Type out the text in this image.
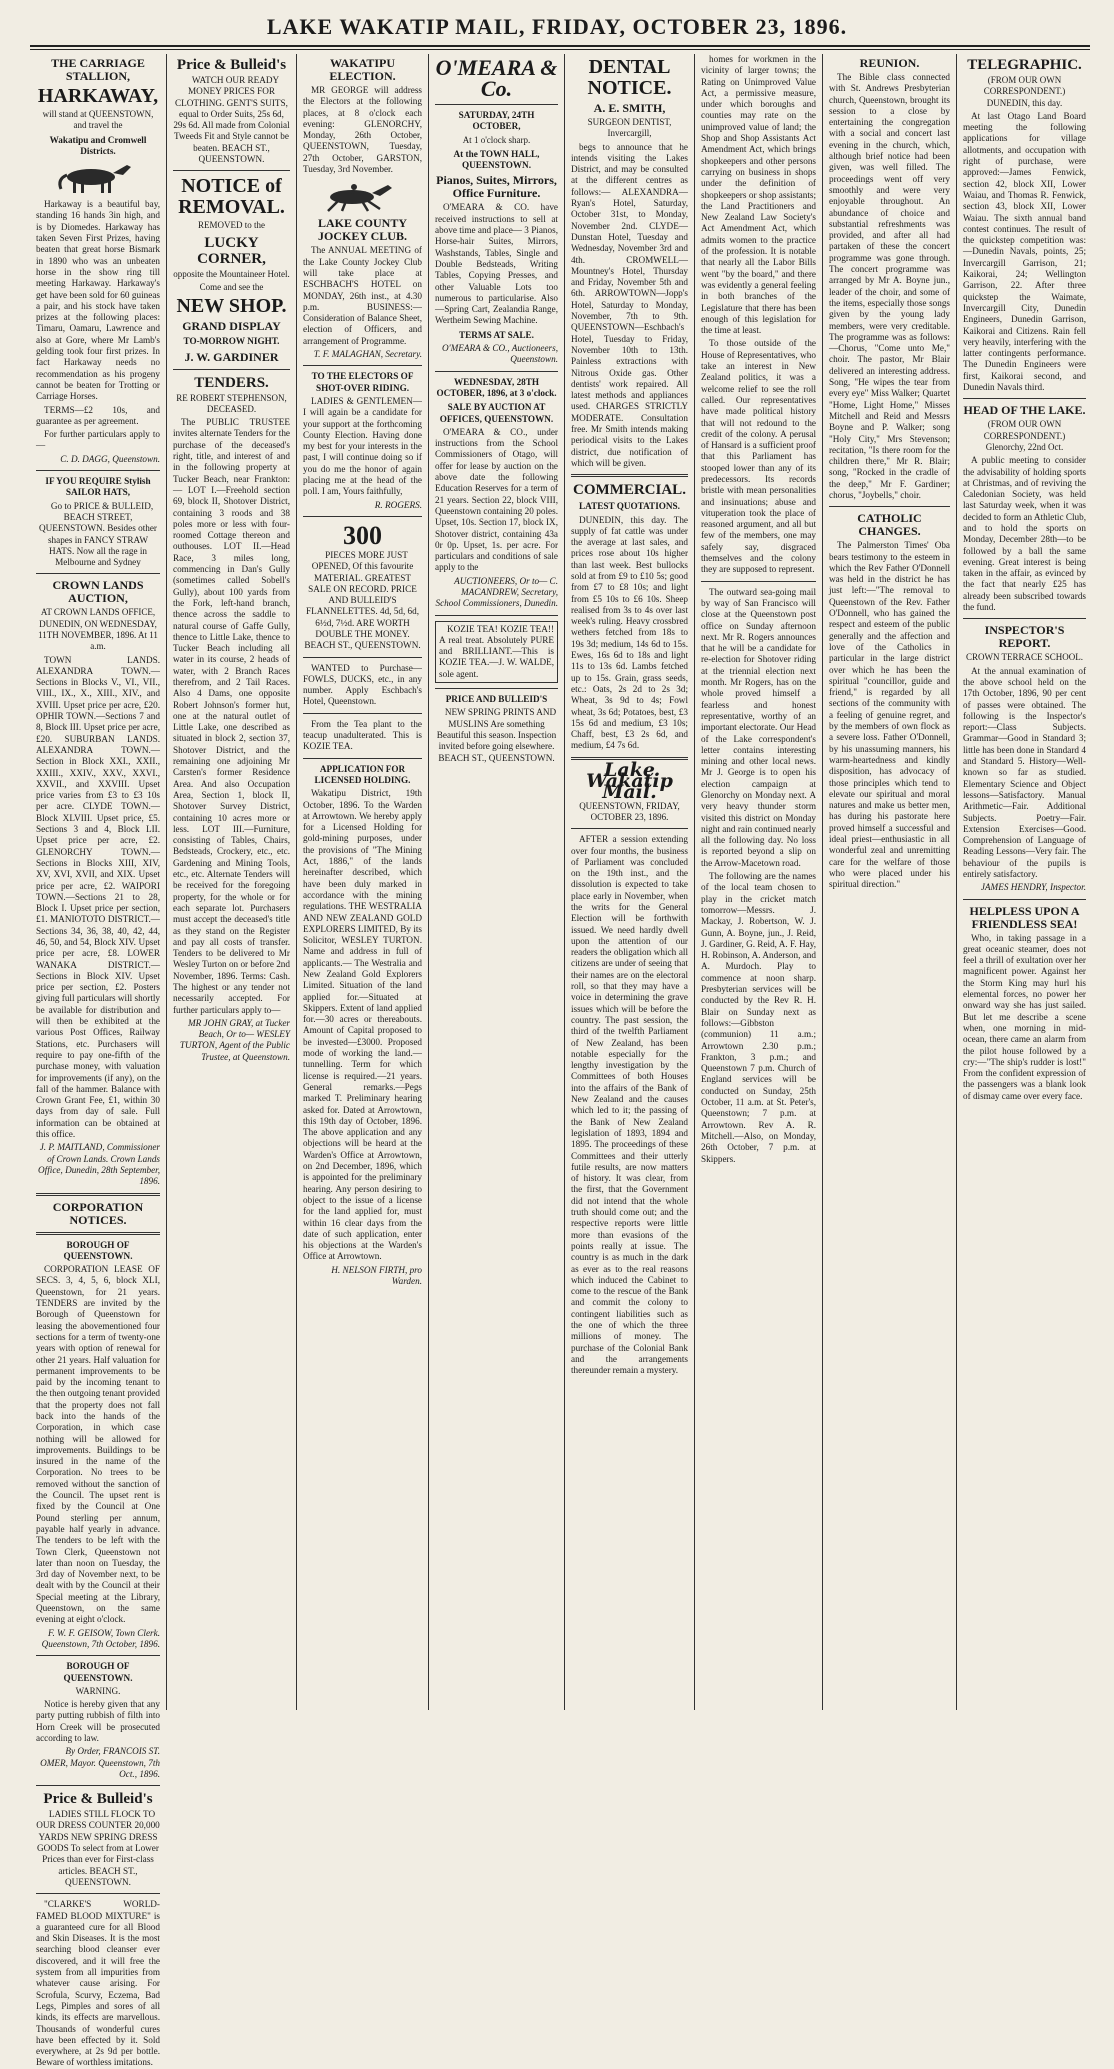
LAKE WAKATIP MAIL, FRIDAY, OCTOBER 23, 1896.
THE CARRIAGE STALLION,
HARKAWAY,
will stand at QUEENSTOWN, and travel the
Wakatipu and Cromwell Districts.

Harkaway is a beautiful bay, standing 16 hands 3in high, and is by Diomedes. Harkaway has taken Seven First Prizes, having beaten that great horse Bismark in 1890 who was an unbeaten horse in the show ring till meeting Harkaway. Harkaway's get have been sold for 60 guineas a pair, and his stock have taken prizes at the following places: Timaru, Oamaru, Lawrence and also at Gore, where Mr Lamb's gelding took four first prizes. In fact Harkaway needs no recommendation as his progeny cannot be beaten for Trotting or Carriage Horses.

TERMS—£2 10s, and guarantee as per agreement.

For further particulars apply to—

C. D. DAGG, Queenstown.
IF YOU REQUIRE Stylish SAILOR HATS,

Go to PRICE & BULLEID, BEACH STREET, QUEENSTOWN. Besides other shapes in FANCY STRAW HATS. Now all the rage in Melbourne and Sydney

CROWN LANDS AUCTION,
AT CROWN LANDS OFFICE, DUNEDIN, ON WEDNESDAY, 11TH NOVEMBER, 1896. At 11 a.m.

TOWN LANDS. ALEXANDRA TOWN.—Sections in Blocks V., VI., VII., VIII., IX., X., XIII., XIV., and XVIII. Upset price per acre, £20. OPHIR TOWN.—Sections 7 and 8, Block III. Upset price per acre, £20. SUBURBAN LANDS. ALEXANDRA TOWN.—Section in Block XXI., XXII., XXIII., XXIV., XXV., XXVI., XXVII., and XXVIII. Upset price varies from £3 to £3 10s per acre. CLYDE TOWN.—Block XLVIII. Upset price, £5. Sections 3 and 4, Block LII. Upset price per acre, £2. GLENORCHY TOWN.—Sections in Blocks XIII, XIV, XV, XVI, XVII, and XIX. Upset price per acre, £2. WAIPORI TOWN.—Sections 21 to 28, Block I. Upset price per section, £1. MANIOTOTO DISTRICT.—Sections 34, 36, 38, 40, 42, 44, 46, 50, and 54, Block XIV. Upset price per acre, £8. LOWER WANAKA DISTRICT.—Sections in Block XIV. Upset price per section, £2. Posters giving full particulars will shortly be available for distribution and will then be exhibited at the various Post Offices, Railway Stations, etc. Purchasers will require to pay one-fifth of the purchase money, with valuation for improvements (if any), on the fall of the hammer. Balance with Crown Grant Fee, £1, within 30 days from day of sale. Full information can be obtained at this office.

J. P. MAITLAND, Commissioner of Crown Lands. Crown Lands Office, Dunedin, 28th September, 1896.
CORPORATION NOTICES.
BOROUGH OF QUEENSTOWN.

CORPORATION LEASE OF SECS. 3, 4, 5, 6, block XLI, Queenstown, for 21 years. TENDERS are invited by the Borough of Queenstown for leasing the abovementioned four sections for a term of twenty-one years with option of renewal for other 21 years. Half valuation for permanent improvements to be paid by the incoming tenant to the then outgoing tenant provided that the property does not fall back into the hands of the Corporation, in which case nothing will be allowed for improvements. Buildings to be insured in the name of the Corporation. No trees to be removed without the sanction of the Council. The upset rent is fixed by the Council at One Pound sterling per annum, payable half yearly in advance. The tenders to be left with the Town Clerk, Queenstown not later than noon on Tuesday, the 3rd day of November next, to be dealt with by the Council at their Special meeting at the Library, Queenstown, on the same evening at eight o'clock.

F. W. F. GEISOW, Town Clerk. Queenstown, 7th October, 1896.
BOROUGH OF QUEENSTOWN.
WARNING.

Notice is hereby given that any party putting rubbish of filth into Horn Creek will be prosecuted according to law.

By Order, FRANCOIS ST. OMER, Mayor. Queenstown, 7th Oct., 1896.
Price & Bulleid's

LADIES STILL FLOCK TO OUR DRESS COUNTER 20,000 YARDS NEW SPRING DRESS GOODS To select from at Lower Prices than ever for First-class articles. BEACH ST., QUEENSTOWN.

"CLARKE'S WORLD-FAMED BLOOD MIXTURE" is a guaranteed cure for all Blood and Skin Diseases. It is the most searching blood cleanser ever discovered, and it will free the system from all impurities from whatever cause arising. For Scrofula, Scurvy, Eczema, Bad Legs, Pimples and sores of all kinds, its effects are marvellous. Thousands of wonderful cures have been effected by it. Sold everywhere, at 2s 9d per bottle. Beware of worthless imitations.

Price & Bulleid's

WATCH OUR READY MONEY PRICES FOR CLOTHING. GENT'S SUITS, equal to Order Suits, 25s 6d, 29s 6d. All made from Colonial Tweeds Fit and Style cannot be beaten. BEACH ST., QUEENSTOWN.

NOTICE of REMOVAL.
REMOVED to the
LUCKY CORNER,
opposite the Mountaineer Hotel.
Come and see the
NEW SHOP.
GRAND DISPLAY
TO-MORROW NIGHT.
J. W. GARDINER
TENDERS.
RE ROBERT STEPHENSON, DECEASED.

The PUBLIC TRUSTEE invites alternate Tenders for the purchase of the deceased's right, title, and interest of and in the following property at Tucker Beach, near Frankton:— LOT I.—Freehold section 69, block II, Shotover District, containing 3 roods and 38 poles more or less with four-roomed Cottage thereon and outhouses. LOT II.—Head Race, 3 miles long, commencing in Dan's Gully (sometimes called Sobell's Gully), about 100 yards from the Fork, left-hand branch, thence across the saddle to natural course of Gaffe Gully, thence to Little Lake, thence to Tucker Beach including all water in its course, 2 heads of water, with 2 Branch Races therefrom, and 2 Tail Races. Also 4 Dams, one opposite Robert Johnson's former hut, one at the natural outlet of Little Lake, one described as situated in block 2, section 37, Shotover District, and the remaining one adjoining Mr Carsten's former Residence Area. And also Occupation Area, Section 1, block II, Shotover Survey District, containing 10 acres more or less. LOT III.—Furniture, consisting of Tables, Chairs, Bedsteads, Crockery, etc., etc. Gardening and Mining Tools, etc., etc. Alternate Tenders will be received for the foregoing property, for the whole or for each separate lot. Purchasers must accept the deceased's title as they stand on the Register and pay all costs of transfer. Tenders to be delivered to Mr Wesley Turton on or before 2nd November, 1896. Terms: Cash. The highest or any tender not necessarily accepted. For further particulars apply to—

MR JOHN GRAY, at Tucker Beach, Or to— WESLEY TURTON, Agent of the Public Trustee, at Queenstown.
WAKATIPU ELECTION.

MR GEORGE will address the Electors at the following places, at 8 o'clock each evening: GLENORCHY, Monday, 26th October, QUEENSTOWN, Tuesday, 27th October, GARSTON, Tuesday, 3rd November.

LAKE COUNTY JOCKEY CLUB.

The ANNUAL MEETING of the Lake County Jockey Club will take place at ESCHBACH'S HOTEL on MONDAY, 26th inst., at 4.30 p.m. BUSINESS:—Consideration of Balance Sheet, election of Officers, and arrangement of Programme.

T. F. MALAGHAN, Secretary.
TO THE ELECTORS OF SHOT-OVER RIDING.

LADIES & GENTLEMEN— I will again be a candidate for your support at the forthcoming County Election. Having done my best for your interests in the past, I will continue doing so if you do me the honor of again placing me at the head of the poll. I am, Yours faithfully,

R. ROGERS.
300

PIECES MORE JUST OPENED, Of this favourite MATERIAL. GREATEST SALE ON RECORD. PRICE AND BULLEID'S FLANNELETTES. 4d, 5d, 6d, 6½d, 7½d. ARE WORTH DOUBLE THE MONEY. BEACH ST., QUEENSTOWN.

WANTED to Purchase—FOWLS, DUCKS, etc., in any number. Apply Eschbach's Hotel, Queenstown.

From the Tea plant to the teacup unadulterated. This is KOZIE TEA.

APPLICATION FOR LICENSED HOLDING.

Wakatipu District, 19th October, 1896. To the Warden at Arrowtown. We hereby apply for a Licensed Holding for gold-mining purposes, under the provisions of "The Mining Act, 1886," of the lands hereinafter described, which have been duly marked in accordance with the mining regulations. THE WESTRALIA AND NEW ZEALAND GOLD EXPLORERS LIMITED, By its Solicitor, WESLEY TURTON. Name and address in full of applicants.— The Westralia and New Zealand Gold Explorers Limited. Situation of the land applied for.—Situated at Skippers. Extent of land applied for.—30 acres or thereabouts. Amount of Capital proposed to be invested—£3000. Proposed mode of working the land.—tunnelling. Term for which license is required.—21 years. General remarks.—Pegs marked T. Preliminary hearing asked for. Dated at Arrowtown, this 19th day of October, 1896. The above application and any objections will be heard at the Warden's Office at Arrowtown, on 2nd December, 1896, which is appointed for the preliminary hearing. Any person desiring to object to the issue of a license for the land applied for, must within 16 clear days from the date of such application, enter his objections at the Warden's Office at Arrowtown.

H. NELSON FIRTH, pro Warden.
O'MEARA & Co.
SATURDAY, 24TH OCTOBER,
At 1 o'clock sharp.
At the TOWN HALL, QUEENSTOWN.
Pianos, Suites, Mirrors, Office Furniture.

O'MEARA & CO. have received instructions to sell at above time and place— 3 Pianos, Horse-hair Suites, Mirrors, Washstands, Tables, Single and Double Bedsteads, Writing Tables, Copying Presses, and other Valuable Lots too numerous to particularise. Also—Spring Cart, Zealandia Range, Wertheim Sewing Machine.

TERMS AT SALE.
O'MEARA & CO., Auctioneers, Queenstown.
WEDNESDAY, 28TH OCTOBER, 1896, at 3 o'clock.
SALE BY AUCTION AT OFFICES, QUEENSTOWN.

O'MEARA & CO., under instructions from the School Commissioners of Otago, will offer for lease by auction on the above date the following Education Reserves for a term of 21 years. Section 22, block VIII, Queenstown containing 20 poles. Upset, 10s. Section 17, block IX, Shotover district, containing 43a 0r 0p. Upset, 1s. per acre. For particulars and conditions of sale apply to the

AUCTIONEERS, Or to— C. MACANDREW, Secretary, School Commissioners, Dunedin.

KOZIE TEA! KOZIE TEA!! A real treat. Absolutely PURE and BRILLIANT.—This is KOZIE TEA.—J. W. WALDE, sole agent.

PRICE AND BULLEID'S

NEW SPRING PRINTS AND MUSLINS Are something Beautiful this season. Inspection invited before going elsewhere. BEACH ST., QUEENSTOWN.

DENTAL NOTICE.
A. E. SMITH,
SURGEON DENTIST, Invercargill,

begs to announce that he intends visiting the Lakes District, and may be consulted at the different centres as follows:— ALEXANDRA—Ryan's Hotel, Saturday, October 31st, to Monday, November 2nd. CLYDE—Dunstan Hotel, Tuesday and Wednesday, November 3rd and 4th. CROMWELL—Mountney's Hotel, Thursday and Friday, November 5th and 6th. ARROWTOWN—Jopp's Hotel, Saturday to Monday, November, 7th to 9th. QUEENSTOWN—Eschbach's Hotel, Tuesday to Friday, November 10th to 13th. Painless extractions with Nitrous Oxide gas. Other dentists' work repaired. All latest methods and appliances used. CHARGES STRICTLY MODERATE. Consultation free. Mr Smith intends making periodical visits to the Lakes district, due notification of which will be given.

COMMERCIAL.
LATEST QUOTATIONS.

DUNEDIN, this day. The supply of fat cattle was under the average at last sales, and prices rose about 10s higher than last week. Best bullocks sold at from £9 to £10 5s; good from £7 to £8 10s; and light from £5 10s to £6 10s. Sheep realised from 3s to 4s over last week's ruling. Heavy crossbred wethers fetched from 18s to 19s 3d; medium, 14s 6d to 15s. Ewes, 16s 6d to 18s and light 11s to 13s 6d. Lambs fetched up to 15s. Grain, grass seeds, etc.: Oats, 2s 2d to 2s 3d; Wheat, 3s 9d to 4s; Fowl wheat, 3s 6d; Potatoes, best, £3 15s 6d and medium, £3 10s; Chaff, best, £3 2s 6d, and medium, £4 7s 6d.

Lake Wakatip Mail.
QUEENSTOWN, FRIDAY, OCTOBER 23, 1896.

AFTER a session extending over four months, the business of Parliament was concluded on the 19th inst., and the dissolution is expected to take place early in November, when the writs for the General Election will be forthwith issued. We need hardly dwell upon the attention of our readers the obligation which all citizens are under of seeing that their names are on the electoral roll, so that they may have a voice in determining the grave issues which will be before the country. The past session, the third of the twelfth Parliament of New Zealand, has been notable especially for the lengthy investigation by the Committees of both Houses into the affairs of the Bank of New Zealand and the causes which led to it; the passing of the Bank of New Zealand legislation of 1893, 1894 and 1895. The proceedings of these Committees and their utterly futile results, are now matters of history. It was clear, from the first, that the Government did not intend that the whole truth should come out; and the respective reports were little more than evasions of the points really at issue. The country is as much in the dark as ever as to the real reasons which induced the Cabinet to come to the rescue of the Bank and commit the colony to contingent liabilities such as the one of which the three millions of money. The purchase of the Colonial Bank and the arrangements thereunder remain a mystery.

homes for workmen in the vicinity of larger towns; the Rating on Unimproved Value Act, a permissive measure, under which boroughs and counties may rate on the unimproved value of land; the Shop and Shop Assistants Act Amendment Act, which brings shopkeepers and other persons carrying on business in shops under the definition of shopkeepers or shop assistants; the Land Practitioners and New Zealand Law Society's Act Amendment Act, which admits women to the practice of the profession. It is notable that nearly all the Labor Bills went "by the board," and there was evidently a general feeling in both branches of the Legislature that there has been enough of this legislation for the time at least.

To those outside of the House of Representatives, who take an interest in New Zealand politics, it was a welcome relief to see the roll called. Our representatives have made political history that will not redound to the credit of the colony. A perusal of Hansard is a sufficient proof that this Parliament has stooped lower than any of its predecessors. Its records bristle with mean personalities and insinuations; abuse and vituperation took the place of reasoned argument, and all but few of the members, one may safely say, disgraced themselves and the colony they are supposed to represent.

The outward sea-going mail by way of San Francisco will close at the Queenstown post office on Sunday afternoon next. Mr R. Rogers announces that he will be a candidate for re-election for Shotover riding at the triennial election next month. Mr Rogers, has on the whole proved himself a fearless and honest representative, worthy of an important electorate. Our Head of the Lake correspondent's letter contains interesting mining and other local news. Mr J. George is to open his election campaign at Glenorchy on Monday next. A very heavy thunder storm visited this district on Monday night and rain continued nearly all the following day. No loss is reported beyond a slip on the Arrow-Macetown road.

The following are the names of the local team chosen to play in the cricket match tomorrow—Messrs. J. Mackay, J. Robertson, W. J. Gunn, A. Boyne, jun., J. Reid, J. Gardiner, G. Reid, A. F. Hay, H. Robinson, A. Anderson, and A. Murdoch. Play to commence at noon sharp. Presbyterian services will be conducted by the Rev R. H. Blair on Sunday next as follows:—Gibbston (communion) 11 a.m.; Arrowtown 2.30 p.m.; Frankton, 3 p.m.; and Queenstown 7 p.m. Church of England services will be conducted on Sunday, 25th October, 11 a.m. at St. Peter's, Queenstown; 7 p.m. at Arrowtown. Rev A. R. Mitchell.—Also, on Monday, 26th October, 7 p.m. at Skippers.

REUNION.

The Bible class connected with St. Andrews Presbyterian church, Queenstown, brought its session to a close by entertaining the congregation with a social and concert last evening in the church, which, although brief notice had been given, was well filled. The proceedings went off very smoothly and were very enjoyable throughout. An abundance of choice and substantial refreshments was provided, and after all had partaken of these the concert programme was gone through. The concert programme was arranged by Mr A. Boyne jun., leader of the choir, and some of the items, especially those songs given by the young lady members, were very creditable. The programme was as follows:—Chorus, "Come unto Me," choir. The pastor, Mr Blair delivered an interesting address. Song, "He wipes the tear from every eye" Miss Walker; Quartet "Home, Light Home," Misses Mitchell and Reid and Messrs Boyne and P. Walker; song "Holy City," Mrs Stevenson; recitation, "Is there room for the children there," Mr R. Blair; song, "Rocked in the cradle of the deep," Mr F. Gardiner; chorus, "Joybells," choir.

CATHOLIC CHANGES.

The Palmerston Times' Oba bears testimony to the esteem in which the Rev Father O'Donnell was held in the district he has just left:—"The removal to Queenstown of the Rev. Father O'Donnell, who has gained the respect and esteem of the public generally and the affection and love of the Catholics in particular in the large district over which he has been the spiritual "councillor, guide and friend," is regarded by all sections of the community with a feeling of genuine regret, and by the members of own flock as a severe loss. Father O'Donnell, by his unassuming manners, his warm-heartedness and kindly disposition, has advocacy of those principles which tend to elevate our spiritual and moral natures and make us better men, has during his pastorate here proved himself a successful and ideal priest—enthusiastic in all wonderful zeal and unremitting care for the welfare of those who were placed under his spiritual direction."

TELEGRAPHIC.
(FROM OUR OWN CORRESPONDENT.) DUNEDIN, this day.

At last Otago Land Board meeting the following applications for village allotments, and occupation with right of purchase, were approved:—James Fenwick, section 42, block XII, Lower Waiau, and Thomas R. Fenwick, section 43, block XII, Lower Waiau. The sixth annual band contest continues. The result of the quickstep competition was:—Dunedin Navals, points, 25; Invercargill Garrison, 21; Kaikorai, 24; Wellington Garrison, 22. After three quickstep the Waimate, Invercargill City, Dunedin Engineers, Dunedin Garrison, Kaikorai and Citizens. Rain fell very heavily, interfering with the latter contingents performance. The Dunedin Engineers were first, Kaikorai second, and Dunedin Navals third.

HEAD OF THE LAKE.
(FROM OUR OWN CORRESPONDENT.) Glenorchy, 22nd Oct.

A public meeting to consider the advisability of holding sports at Christmas, and of reviving the Caledonian Society, was held last Saturday week, when it was decided to form an Athletic Club, and to hold the sports on Monday, December 28th—to be followed by a ball the same evening. Great interest is being taken in the affair, as evinced by the fact that nearly £25 has already been subscribed towards the fund.

INSPECTOR'S REPORT.
CROWN TERRACE SCHOOL.

At the annual examination of the above school held on the 17th October, 1896, 90 per cent of passes were obtained. The following is the Inspector's report:—Class Subjects. Grammar—Good in Standard 3; little has been done in Standard 4 and Standard 5. History—Well-known so far as studied. Elementary Science and Object lessons—Satisfactory. Manual Arithmetic—Fair. Additional Subjects. Poetry—Fair. Extension Exercises—Good. Comprehension of Language of Reading Lessons—Very fair. The behaviour of the pupils is entirely satisfactory.

JAMES HENDRY, Inspector.
HELPLESS UPON A FRIENDLESS SEA!

Who, in taking passage in a great oceanic steamer, does not feel a thrill of exultation over her magnificent power. Against her the Storm King may hurl his elemental forces, no power her onward way she has just sailed. But let me describe a scene when, one morning in mid-ocean, there came an alarm from the pilot house followed by a cry:—"The ship's rudder is lost!" From the confident expression of the passengers was a blank look of dismay came over every face.
